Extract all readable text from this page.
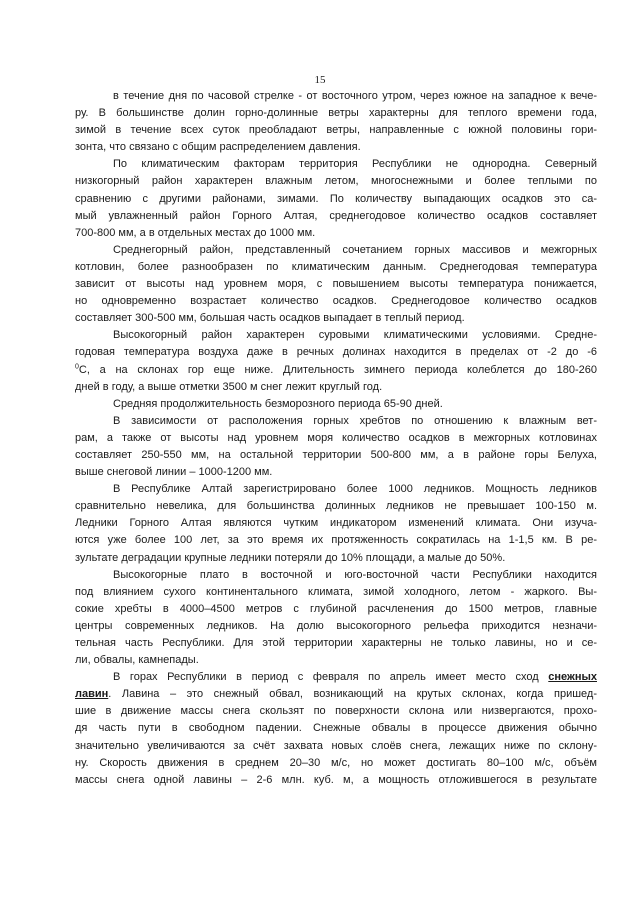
15

в течение дня по часовой стрелке - от восточного утром, через южное на западное к вече-

ру. В большинстве долин горно-долинные ветры характерны для теплого времени года,

зимой в течение всех суток преобладают ветры, направленные с южной половины гори-

зонта, что связано с общим распределением давления.

По климатическим факторам территория Республики не однородна. Северный

низкогорный район характерен влажным летом, многоснежными и более теплыми по

сравнению с другими районами, зимами. По количеству выпадающих осадков это са-

мый увлажненный район Горного Алтая, среднегодовое количество осадков составляет

700-800 мм, а в отдельных местах до 1000 мм.

Среднегорный район, представленный сочетанием горных массивов и межгорных

котловин, более разнообразен по климатическим данным. Среднегодовая температура

зависит от высоты над уровнем моря, с повышением высоты температура понижается,

но одновременно возрастает количество осадков. Среднегодовое количество осадков

составляет 300-500 мм, большая часть осадков выпадает в теплый период.

Высокогорный район характерен суровыми климатическими условиями. Средне-

годовая температура воздуха даже в речных долинах находится в пределах от -2 до -6

$^0$С, а на склонах гор еще ниже. Длительность зимнего периода колеблется до 180-260

дней в году, а выше отметки 3500 м снег лежит круглый год.

Средняя продолжительность безморозного периода 65-90 дней.

В зависимости от расположения горных хребтов по отношению к влажным вет-

рам, а также от высоты над уровнем моря количество осадков в межгорных котловинах

составляет 250-550 мм, на остальной территории 500-800 мм, а в районе горы Белуха,

выше снеговой линии – 1000-1200 мм.

В Республике Алтай зарегистрировано более 1000 ледников. Мощность ледников

сравнительно невелика, для большинства долинных ледников не превышает 100-150 м.

Ледники Горного Алтая являются чутким индикатором изменений климата. Они изуча-

ются уже более 100 лет, за это время их протяженность сократилась на 1-1,5 км. В ре-

зультате деградации крупные ледники потеряли до 10% площади, а малые до 50%.

Высокогорные плато в восточной и юго-восточной части Республики находится

под влиянием сухого континентального климата, зимой холодного, летом - жаркого. Вы-

сокие хребты в 4000–4500 метров с глубиной расчленения до 1500 метров, главные

центры современных ледников. На долю высокогорного рельефа приходится незначи-

тельная часть Республики. Для этой территории характерны не только лавины, но и се-

ли, обвалы, камнепады.

В горах Республики в период с февраля по апрель имеет место сход снежных

лавин. Лавина – это снежный обвал, возникающий на крутых склонах, когда пришед-

шие в движение массы снега скользят по поверхности склона или низвергаются, прохо-

дя часть пути в свободном падении. Снежные обвалы в процессе движения обычно

значительно увеличиваются за счёт захвата новых слоёв снега, лежащих ниже по склону-

ну. Скорость движения в среднем 20–30 м/с, но может достигать 80–100 м/с, объём

массы снега одной лавины – 2-6 млн. куб. м, а мощность отложившегося в результате
